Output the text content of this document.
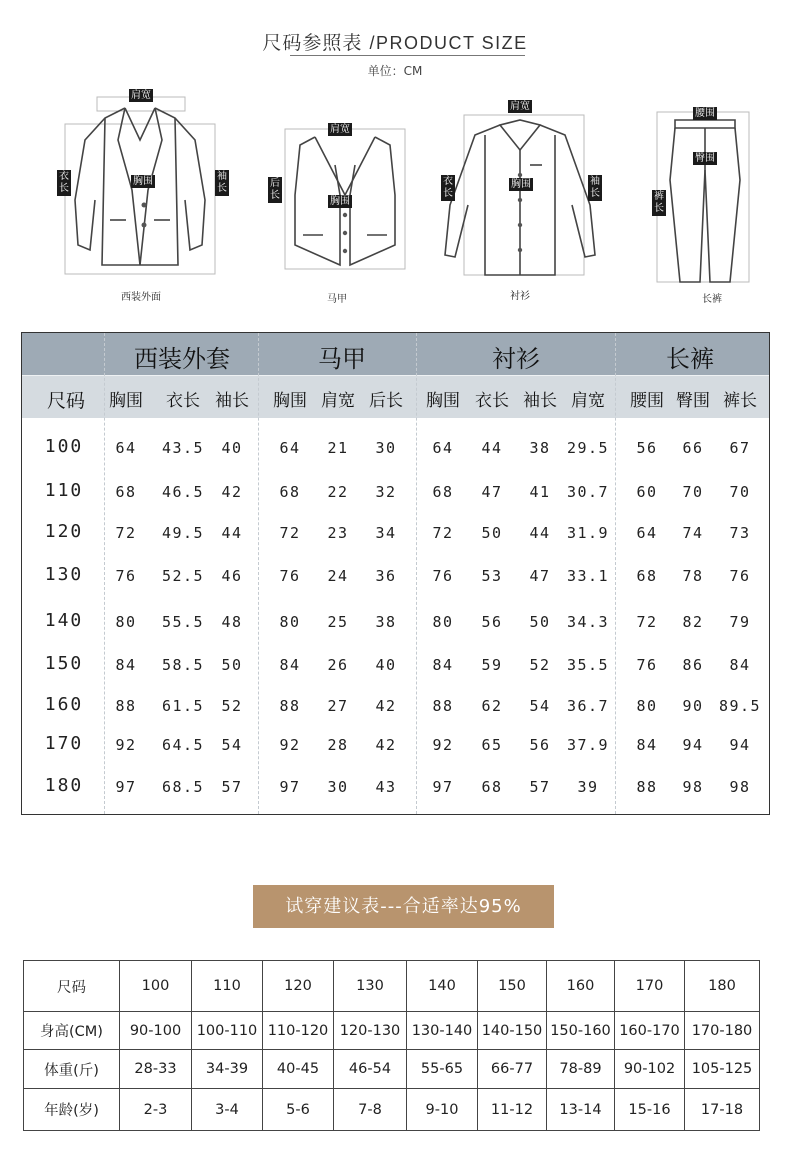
尺码参照表 /PRODUCT SIZE
单位：CM
肩宽
胸围
衣长
袖长
西装外面
肩宽
胸围
后长
马甲
肩宽
胸围
衣长
袖长
衬衫
腰围
臀围
裤长
长裤
尺码
西装外套
胸围	衣长 袖长
马甲
胸围 肩宽 后长
衬衫
胸围 衣长 袖长 肩宽
长裤
腰围 臀围 裤长
100	64	43.5	40	64	21	30	64	44	38	29.5	56	66	67
110	68	46.5	42	68	22	32	68	47	41	30.7	60	70	70
120	72	49.5	44	72	23	34	72	50	44	31.9	64	74	73
130	76	52.5	46	76	24	36	76	53	47	33.1	68	78	76
140	80	55.5	48	80	25	38	80	56	50	34.3	72	82	79
150	84	58.5	50	84	26	40	84	59	52	35.5	76	86	84
160	88	61.5	52	88	27	42	88	62	54	36.7	80	90	89.5
170	92	64.5	54	92	28	42	92	65	56	37.9	84	94	94
180	97	68.5	57	97	30	43	97	68	57	39	88	98	98
试穿建议表---合适率达95%
尺码	100	110	120	130	140	150	160	170	180
身高(CM)	90-100	100-110	110-120	120-130	130-140	140-150	150-160	160-170	170-180
体重(斤)	28-33	34-39	40-45	46-54	55-65	66-77	78-89	90-102	105-125
年龄(岁)	2-3	3-4	5-6	7-8	9-10	11-12	13-14	15-16	17-18
